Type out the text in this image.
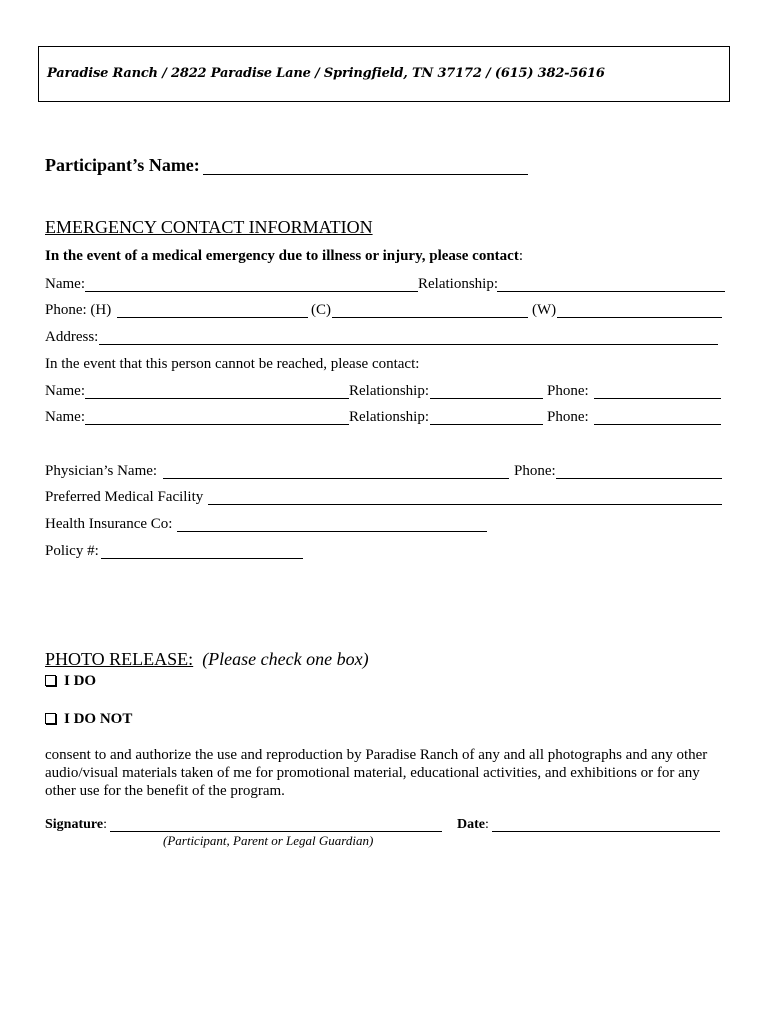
Paradise Ranch / 2822 Paradise Lane / Springfield, TN 37172 / (615) 382-5616
Participant’s Name:
EMERGENCY CONTACT INFORMATION
In the event of a medical emergency due to illness or injury, please contact:
Name:	Relationship:
Phone: (H)	(C)	(W)
Address:
In the event that this person cannot be reached, please contact:
Name:	Relationship:	Phone:
Name:	Relationship:	Phone:
Physician’s Name:	Phone:
Preferred Medical Facility
Health Insurance Co:
Policy #:
PHOTO RELEASE: (Please check one box)
I DO
I DO NOT
consent to and authorize the use and reproduction by Paradise Ranch of any and all photographs and any other
audio/visual materials taken of me for promotional material, educational activities, and exhibitions or for any
other use for the benefit of the program.
Signature:	Date:
(Participant, Parent or Legal Guardian)
